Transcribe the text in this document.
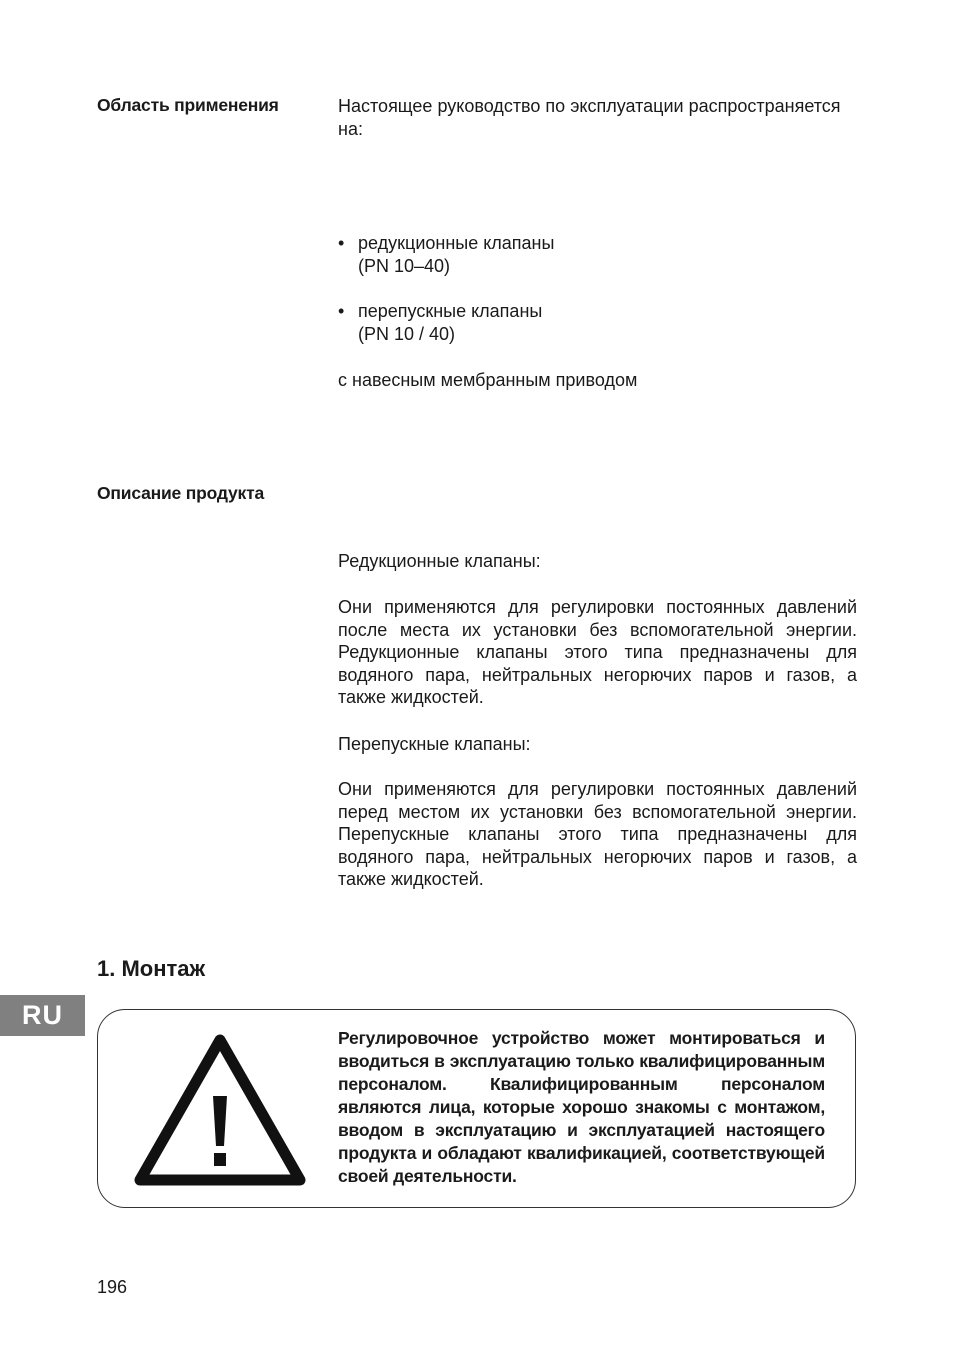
Область применения	Настоящее руководство по эксплуатации распространяется
на:
• редукционные клапаны
(PN 10–40)
• перепускные клапаны
(PN 10 / 40)
с навесным мембранным приводом
Описание продукта
Редукционные клапаны:
Они применяются для регулировки постоянных давлений после места их установки без вспомогательной энергии. Редукционные клапаны этого типа предназначены для водяного пара, нейтральных негорючих паров и газов, а также жидкостей.
Перепускные клапаны:
Они применяются для регулировки постоянных давлений перед местом их установки без вспомогательной энергии. Перепускные клапаны этого типа предназначены для водяного пара, нейтральных негорючих паров и газов, а также жидкостей.
1. Монтаж
RU
Регулировочное устройство может монтироваться и вводиться в эксплуатацию только квалифицированным персоналом. Квалифицированным персоналом являются лица, которые хорошо знакомы с монтажом, вводом в эксплуатацию и эксплуатацией настоящего продукта и обладают квалификацией, соответствующей своей деятельности.
196
